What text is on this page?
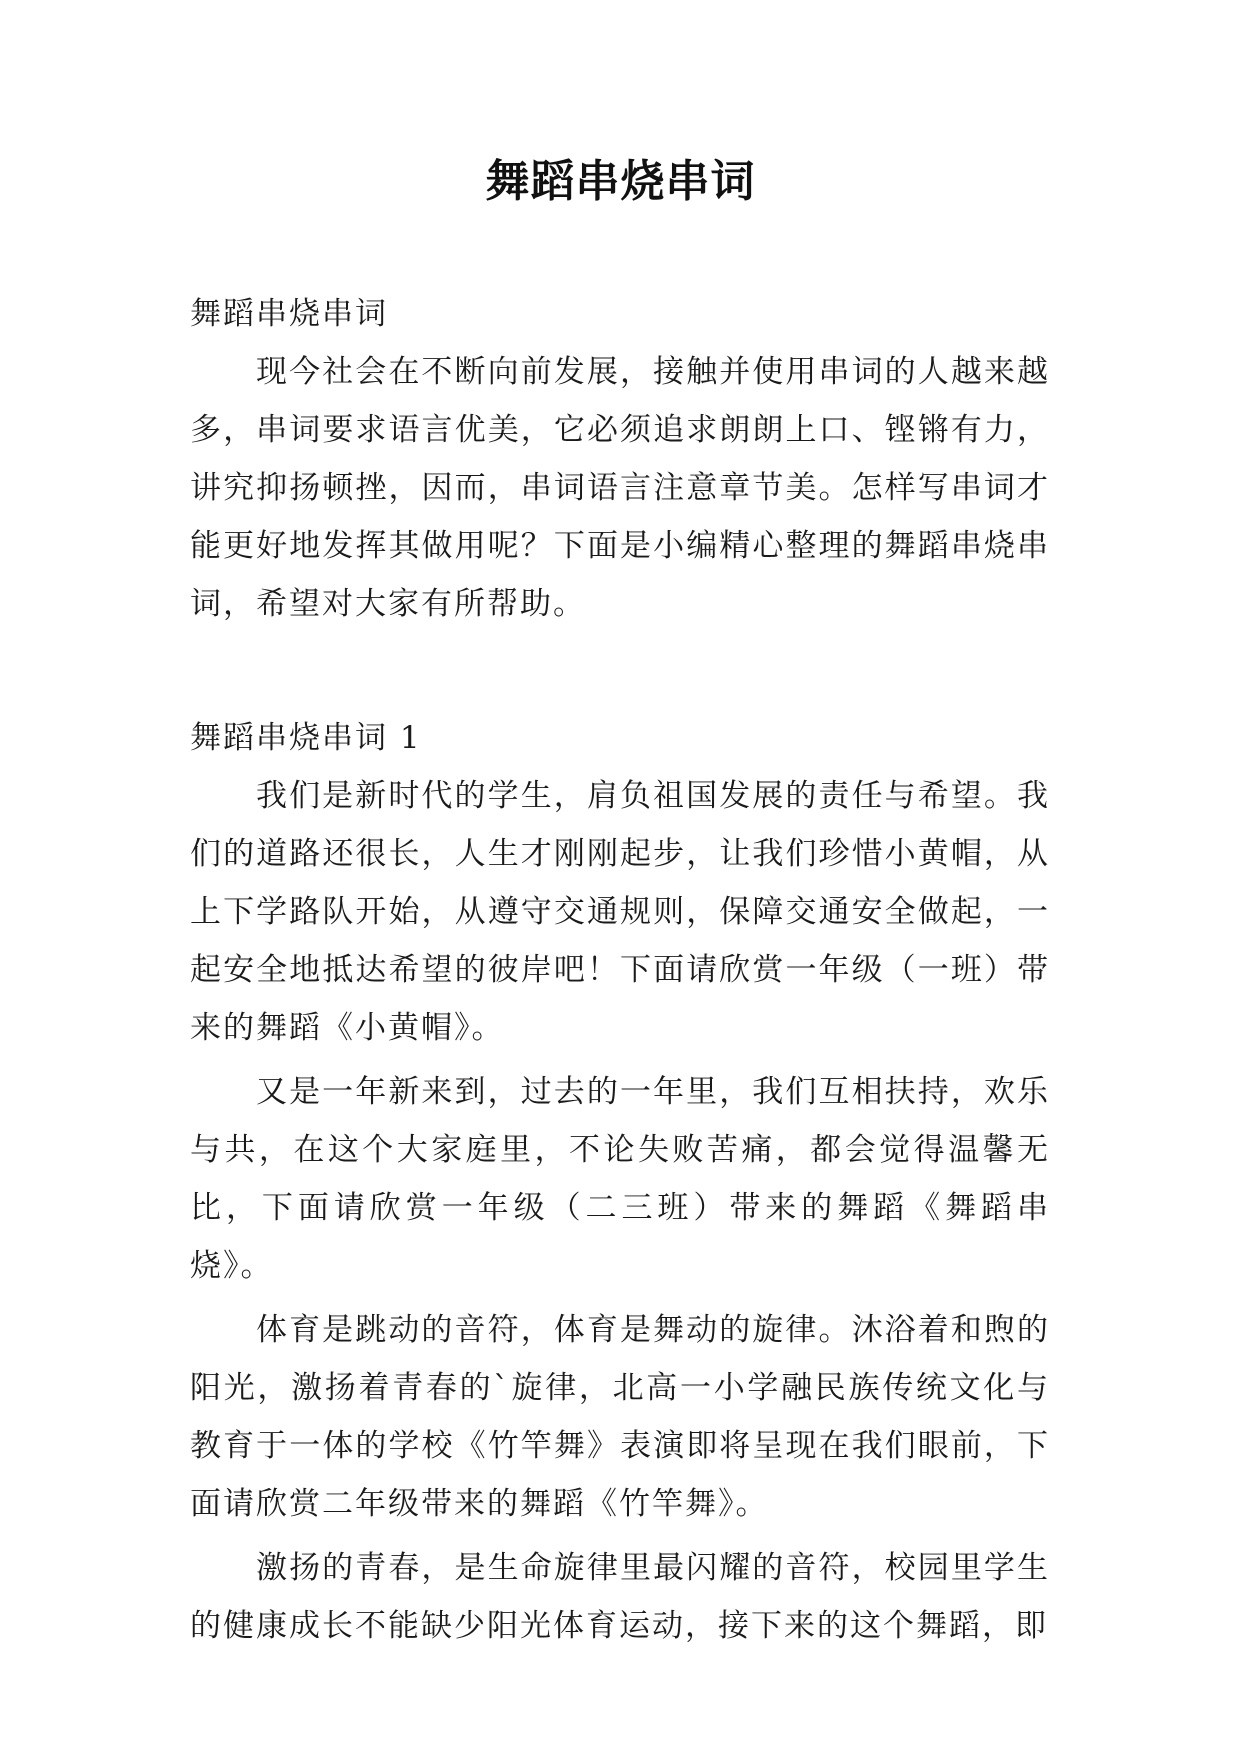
舞蹈串烧串词

舞蹈串烧串词

现今社会在不断向前发展，接触并使用串词的人越来越多，串词要求语言优美，它必须追求朗朗上口、铿锵有力，讲究抑扬顿挫，因而，串词语言注意章节美。怎样写串词才能更好地发挥其做用呢？下面是小编精心整理的舞蹈串烧串词，希望对大家有所帮助。

舞蹈串烧串词 1

我们是新时代的学生，肩负祖国发展的责任与希望。我们的道路还很长，人生才刚刚起步，让我们珍惜小黄帽，从上下学路队开始，从遵守交通规则，保障交通安全做起，一起安全地抵达希望的彼岸吧！下面请欣赏一年级（一班）带来的舞蹈《小黄帽》。

又是一年新来到，过去的一年里，我们互相扶持，欢乐与共，在这个大家庭里，不论失败苦痛，都会觉得温馨无比，下面请欣赏一年级（二三班）带来的舞蹈《舞蹈串烧》。

体育是跳动的音符，体育是舞动的旋律。沐浴着和煦的阳光，激扬着青春的`旋律，北高一小学融民族传统文化与教育于一体的学校《竹竿舞》表演即将呈现在我们眼前，下面请欣赏二年级带来的舞蹈《竹竿舞》。

激扬的青春，是生命旋律里最闪耀的音符，校园里学生的健康成长不能缺少阳光体育运动，接下来的这个舞蹈，即
